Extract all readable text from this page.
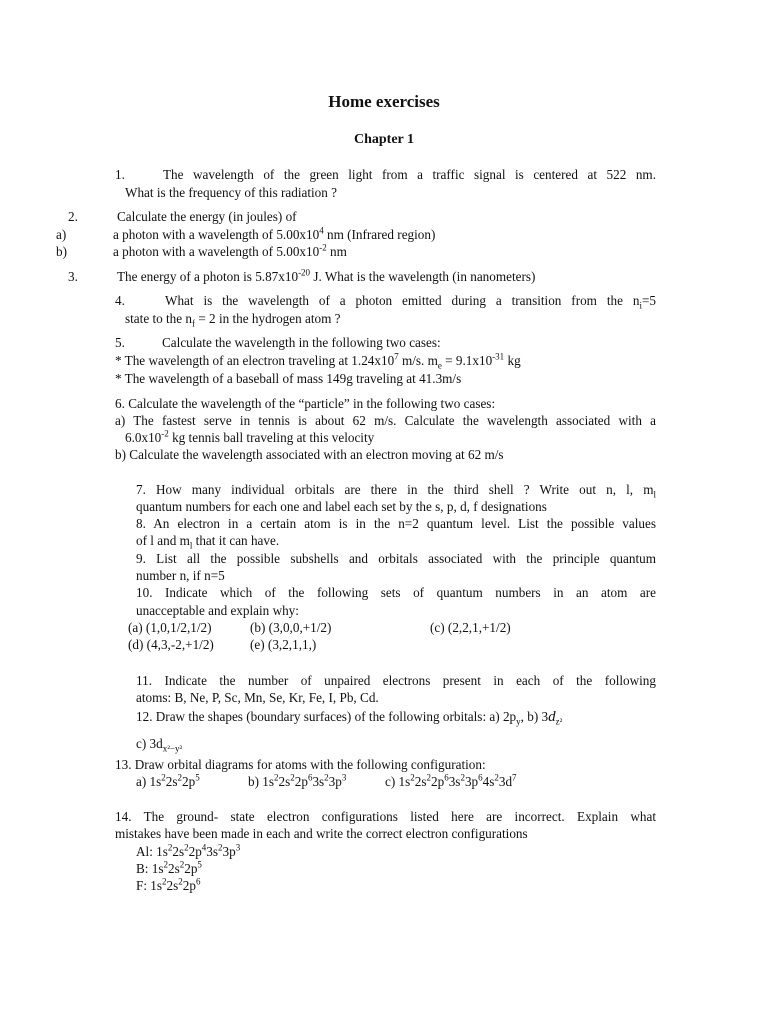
Home exercises
Chapter 1
1.	The wavelength of the green light from a traffic signal is centered at 522 nm.
What is the frequency of this radiation ?
2.	Calculate the energy (in joules) of
a)	a photon with a wavelength of $5.00x10^4$ nm (Infrared region)
b)	a photon with a wavelength of $5.00x10^{-2}$ nm
3.	The energy of a photon is $5.87x10^{-20}$ J. What is the wavelength (in nanometers)
4.	What is the wavelength of a photon emitted during a transition from the $n_i=5$
state to the $n_f = 2$ in the hydrogen atom ?
5.	Calculate the wavelength in the following two cases:
* The wavelength of an electron traveling at $1.24x10^7$ m/s. $m_e = 9.1x10^{-31}$ kg
* The wavelength of a baseball of mass 149g traveling at 41.3m/s
6. Calculate the wavelength of the “particle” in the following two cases:
a) The fastest serve in tennis is about 62 m/s. Calculate the wavelength associated with a
$6.0x10^{-2}$ kg tennis ball traveling at this velocity
b) Calculate the wavelength associated with an electron moving at 62 m/s
7. How many individual orbitals are there in the third shell ? Write out n, l, $m_l$
quantum numbers for each one and label each set by the s, p, d, f designations
8. An electron in a certain atom is in the n=2 quantum level. List the possible values
of l and $m_l$ that it can have.
9. List all the possible subshells and orbitals associated with the principle quantum
number n, if n=5
10. Indicate which of the following sets of quantum numbers in an atom are
unacceptable and explain why:
(a) (1,0,1/2,1/2)	(b) (3,0,0,+1/2)	(c) (2,2,1,+1/2)
(d) (4,3,-2,+1/2)	(e) (3,2,1,1,)
11. Indicate the number of unpaired electrons present in each of the following
atoms: B, Ne, P, Sc, Mn, Se, Kr, Fe, I, Pb, Cd.
12. Draw the shapes (boundary surfaces) of the following orbitals: a) $2p_y$, b) $3d_{z^2}$
c) $3d_{x^2-y^2}$
13. Draw orbital diagrams for atoms with the following configuration:
a) $1s^22s^22p^5$	b) $1s^22s^22p^63s^23p^3$	c) $1s^22s^22p^63s^23p^64s^23d^7$
14. The ground- state electron configurations listed here are incorrect. Explain what
mistakes have been made in each and write the correct electron configurations
Al: $1s^22s^22p^43s^23p^3$
B: $1s^22s^22p^5$
F: $1s^22s^22p^6$
